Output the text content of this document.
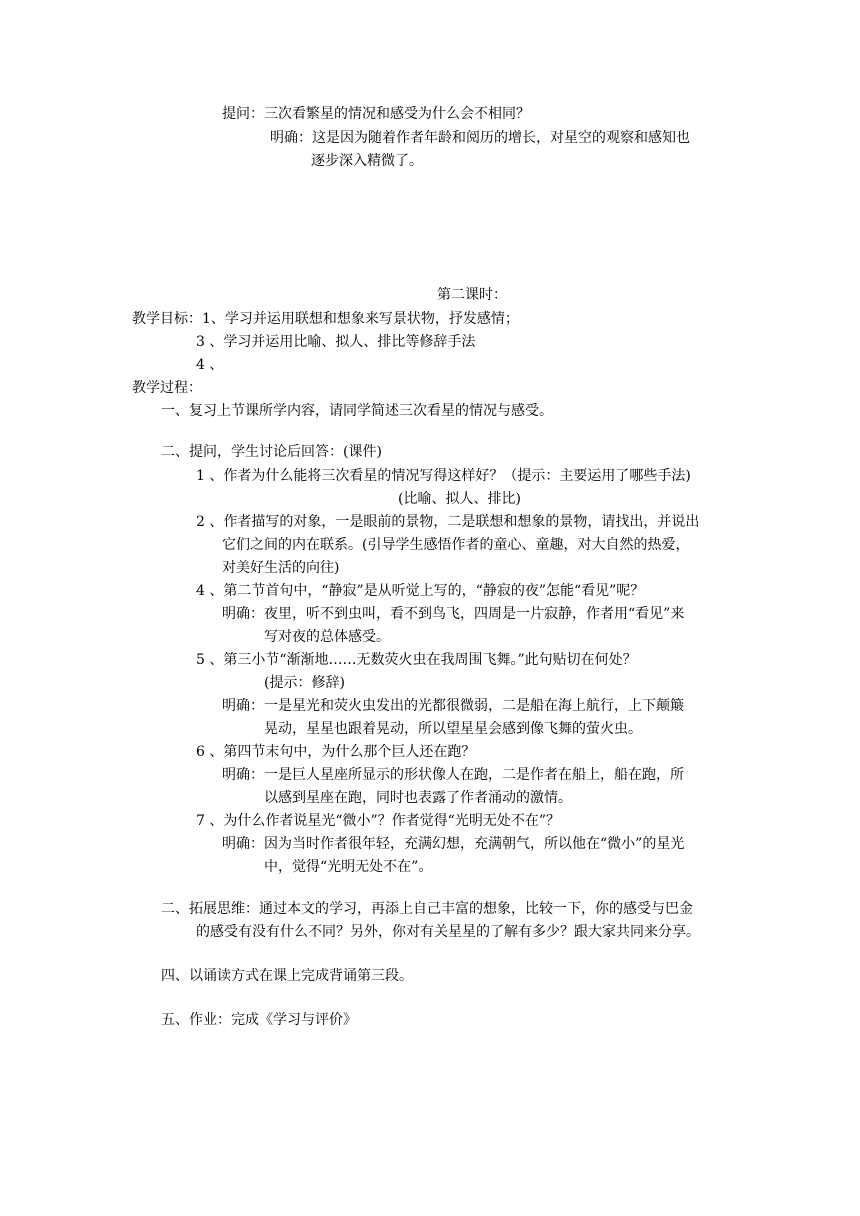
提问：三次看繁星的情况和感受为什么会不相同？
明确：这是因为随着作者年龄和阅历的增长，对星空的观察和感知也
逐步深入精微了。
第二课时：
教学目标：1、学习并运用联想和想象来写景状物，抒发感情；
3 、学习并运用比喻、拟人、排比等修辞手法
4 、
教学过程：
一、复习上节课所学内容，请同学简述三次看星的情况与感受。
二、提问，学生讨论后回答：(课件)
1 、作者为什么能将三次看星的情况写得这样好？（提示：主要运用了哪些手法)
(比喻、拟人、排比)
2 、作者描写的对象，一是眼前的景物，二是联想和想象的景物，请找出，并说出
它们之间的内在联系。(引导学生感悟作者的童心、童趣，对大自然的热爱，
对美好生活的向往)
4 、第二节首句中，“静寂”是从听觉上写的，“静寂的夜”怎能“看见”呢？
明确：夜里，听不到虫叫，看不到鸟飞，四周是一片寂静，作者用“看见”来
写对夜的总体感受。
5 、第三小节“渐渐地……无数荧火虫在我周围飞舞。”此句贴切在何处？
(提示：修辞)
明确：一是星光和荧火虫发出的光都很微弱，二是船在海上航行，上下颠簸
晃动，星星也跟着晃动，所以望星星会感到像飞舞的萤火虫。
6 、第四节末句中，为什么那个巨人还在跑？
明确：一是巨人星座所显示的形状像人在跑，二是作者在船上，船在跑，所
以感到星座在跑，同时也表露了作者涌动的激情。
7 、为什么作者说星光“微小”？作者觉得“光明无处不在”？
明确：因为当时作者很年轻，充满幻想，充满朝气，所以他在“微小”的星光
中，觉得“光明无处不在”。
二、拓展思维：通过本文的学习，再添上自己丰富的想象，比较一下，你的感受与巴金
的感受有没有什么不同？另外，你对有关星星的了解有多少？跟大家共同来分享。
四、以诵读方式在课上完成背诵第三段。
五、作业：完成《学习与评价》
